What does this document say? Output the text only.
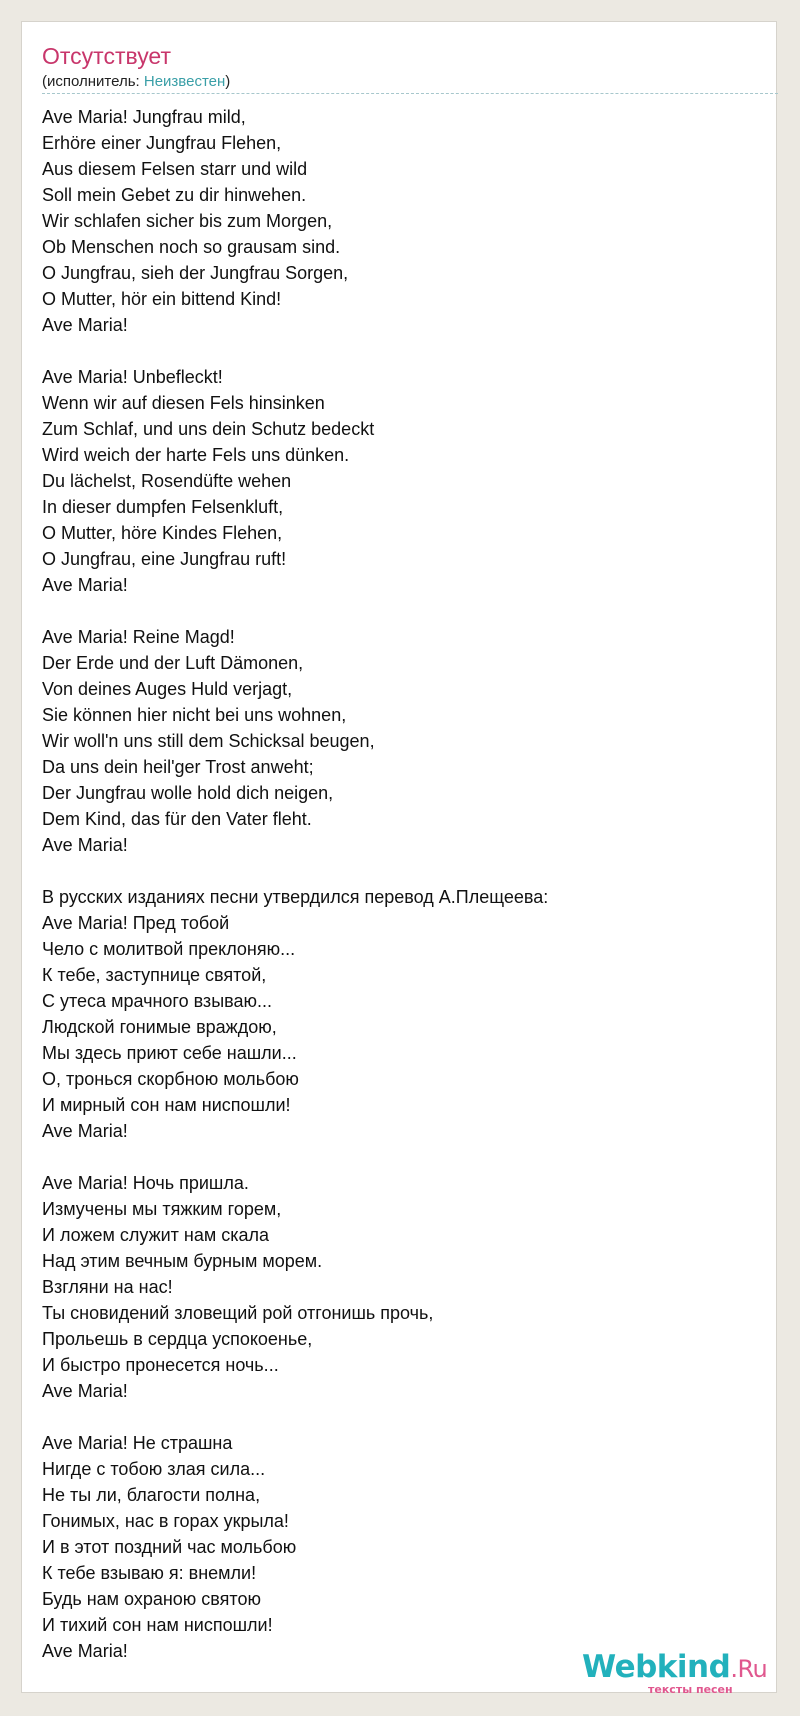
Отсутствует
(исполнитель: Неизвестен)
Ave Maria! Jungfrau mild,
Erhöre einer Jungfrau Flehen,
Aus diesem Felsen starr und wild
Soll mein Gebet zu dir hinwehen.
Wir schlafen sicher bis zum Morgen,
Ob Menschen noch so grausam sind.
O Jungfrau, sieh der Jungfrau Sorgen,
O Mutter, hör ein bittend Kind!
Ave Maria!
Ave Maria! Unbefleckt!
Wenn wir auf diesen Fels hinsinken
Zum Schlaf, und uns dein Schutz bedeckt
Wird weich der harte Fels uns dünken.
Du lächelst, Rosendüfte wehen
In dieser dumpfen Felsenkluft,
O Mutter, höre Kindes Flehen,
O Jungfrau, eine Jungfrau ruft!
Ave Maria!
Ave Maria! Reine Magd!
Der Erde und der Luft Dämonen,
Von deines Auges Huld verjagt,
Sie können hier nicht bei uns wohnen,
Wir woll'n uns still dem Schicksal beugen,
Da uns dein heil'ger Trost anweht;
Der Jungfrau wolle hold dich neigen,
Dem Kind, das für den Vater fleht.
Ave Maria!
В русских изданиях песни утвердился перевод А.Плещеева:
Ave Maria! Пред тобой
Чело с молитвой преклоняю...
К тебе, заступнице святой,
С утеса мрачного взываю...
Людской гонимые враждою,
Мы здесь приют себе нашли...
О, тронься скорбною мольбою
И мирный сон нам ниспошли!
Ave Maria!
Ave Maria! Ночь пришла.
Измучены мы тяжким горем,
И ложем служит нам скала
Над этим вечным бурным морем.
Взгляни на нас!
Ты сновидений зловещий рой отгонишь прочь,
Прольешь в сердца успокоенье,
И быстро пронесется ночь...
Ave Maria!
Ave Maria! Не страшна
Нигде с тобою злая сила...
Не ты ли, благости полна,
Гонимых, нас в горах укрыла!
И в этот поздний час мольбою
К тебе взываю я: внемли!
Будь нам охраною святою
И тихий сон нам ниспошли!
Ave Maria!	Webkind.Ru
тексты песен
